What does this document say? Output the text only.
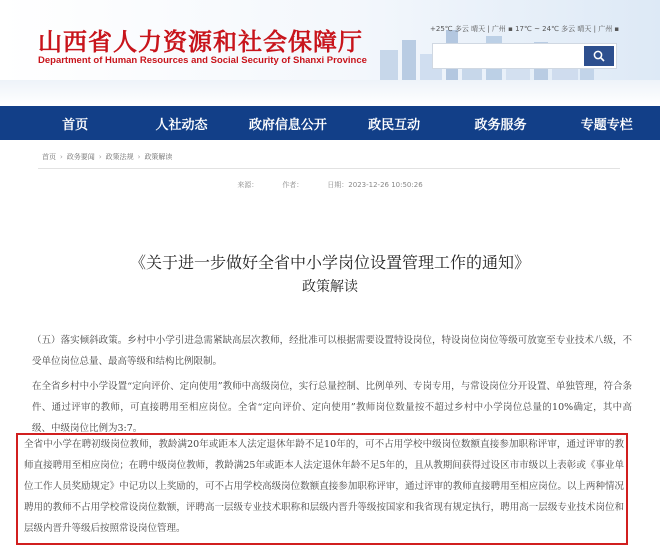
山西省人力资源和社会保障厅
Department of Human Resources and Social Security of Shanxi Province
+25℃ 多云 晴天 | 广州 ▪ 17℃ ~ 24℃ 多云 晴天 | 广州 ▪
首页	人社动态	政府信息公开	政民互动	政务服务	专题专栏
首页 › 政务要闻 › 政策法规 › 政策解读
来源：	作者：	日期：2023-12-26 10:50:26
《关于进一步做好全省中小学岗位设置管理工作的通知》
政策解读
（五）落实倾斜政策。乡村中小学引进急需紧缺高层次教师，经批准可以根据需要设置特设岗位，特设岗位岗位等级可放宽至专业技术八级，不受单位岗位总量、最高等级和结构比例限制。
在全省乡村中小学设置“定向评价、定向使用”教师中高级岗位，实行总量控制、比例单列、专岗专用，与常设岗位分开设置、单独管理，符合条件、通过评审的教师，可直接聘用至相应岗位。全省“定向评价、定向使用”教师岗位数量按不超过乡村中小学岗位总量的10%确定，其中高级、中级岗位比例为3:7。
全省中小学在聘初级岗位教师，教龄满20年或距本人法定退休年龄不足10年的，可不占用学校中级岗位数额直接参加职称评审，通过评审的教师直接聘用至相应岗位；在聘中级岗位教师，教龄满25年或距本人法定退休年龄不足5年的，且从教期间获得过设区市市级以上表彰或《事业单位工作人员奖励规定》中记功以上奖励的，可不占用学校高级岗位数额直接参加职称评审，通过评审的教师直接聘用至相应岗位。以上两种情况聘用的教师不占用学校常设岗位数额，评聘高一层级专业技术职称和层级内晋升等级按国家和我省现有规定执行，聘用高一层级专业技术岗位和层级内晋升等级后按照常设岗位管理。
